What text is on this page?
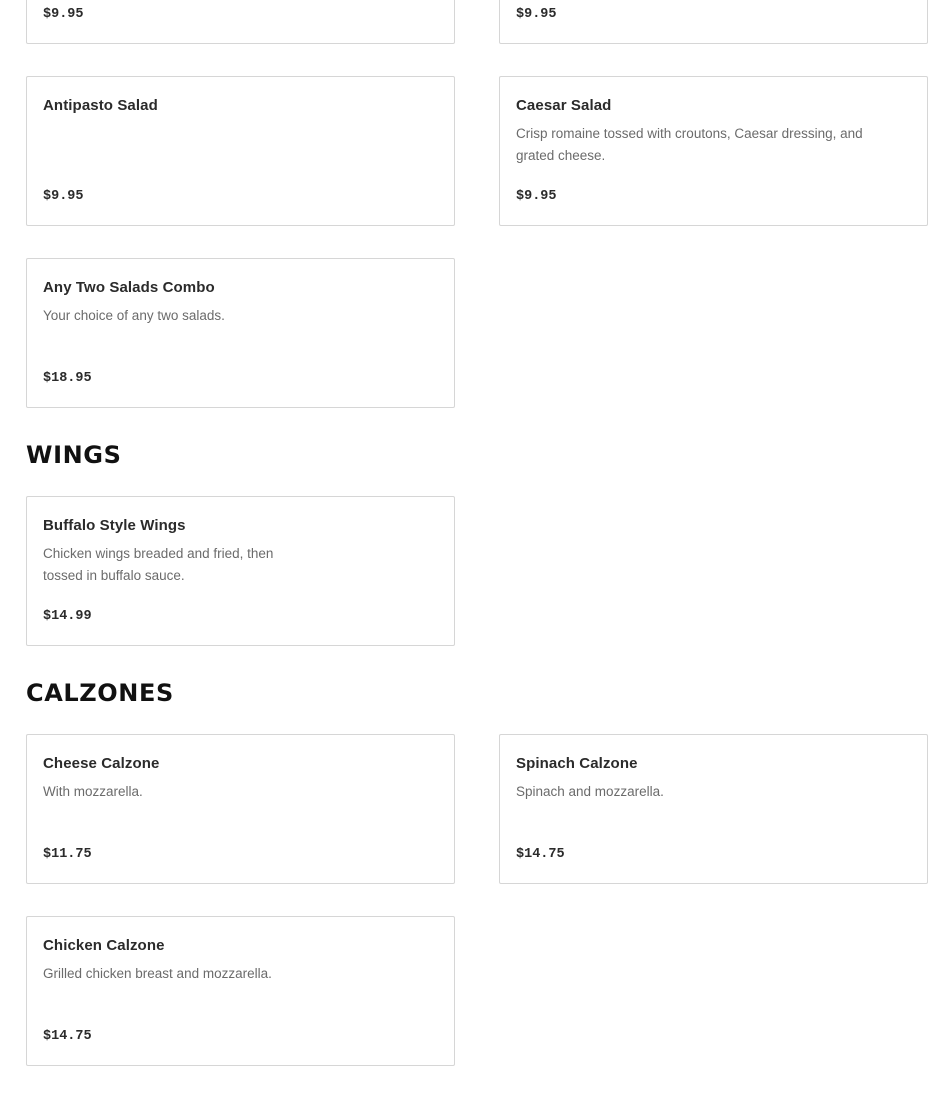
$9.95	$9.95
Antipasto Salad
$9.95
Caesar Salad
Crisp romaine tossed with croutons, Caesar dressing, and grated cheese.
$9.95
Any Two Salads Combo
Your choice of any two salads.
$18.95
WINGS
Buffalo Style Wings
Chicken wings breaded and fried, then tossed in buffalo sauce.
$14.99
CALZONES
Cheese Calzone
With mozzarella.
$11.75
Spinach Calzone
Spinach and mozzarella.
$14.75
Chicken Calzone
Grilled chicken breast and mozzarella.
$14.75
